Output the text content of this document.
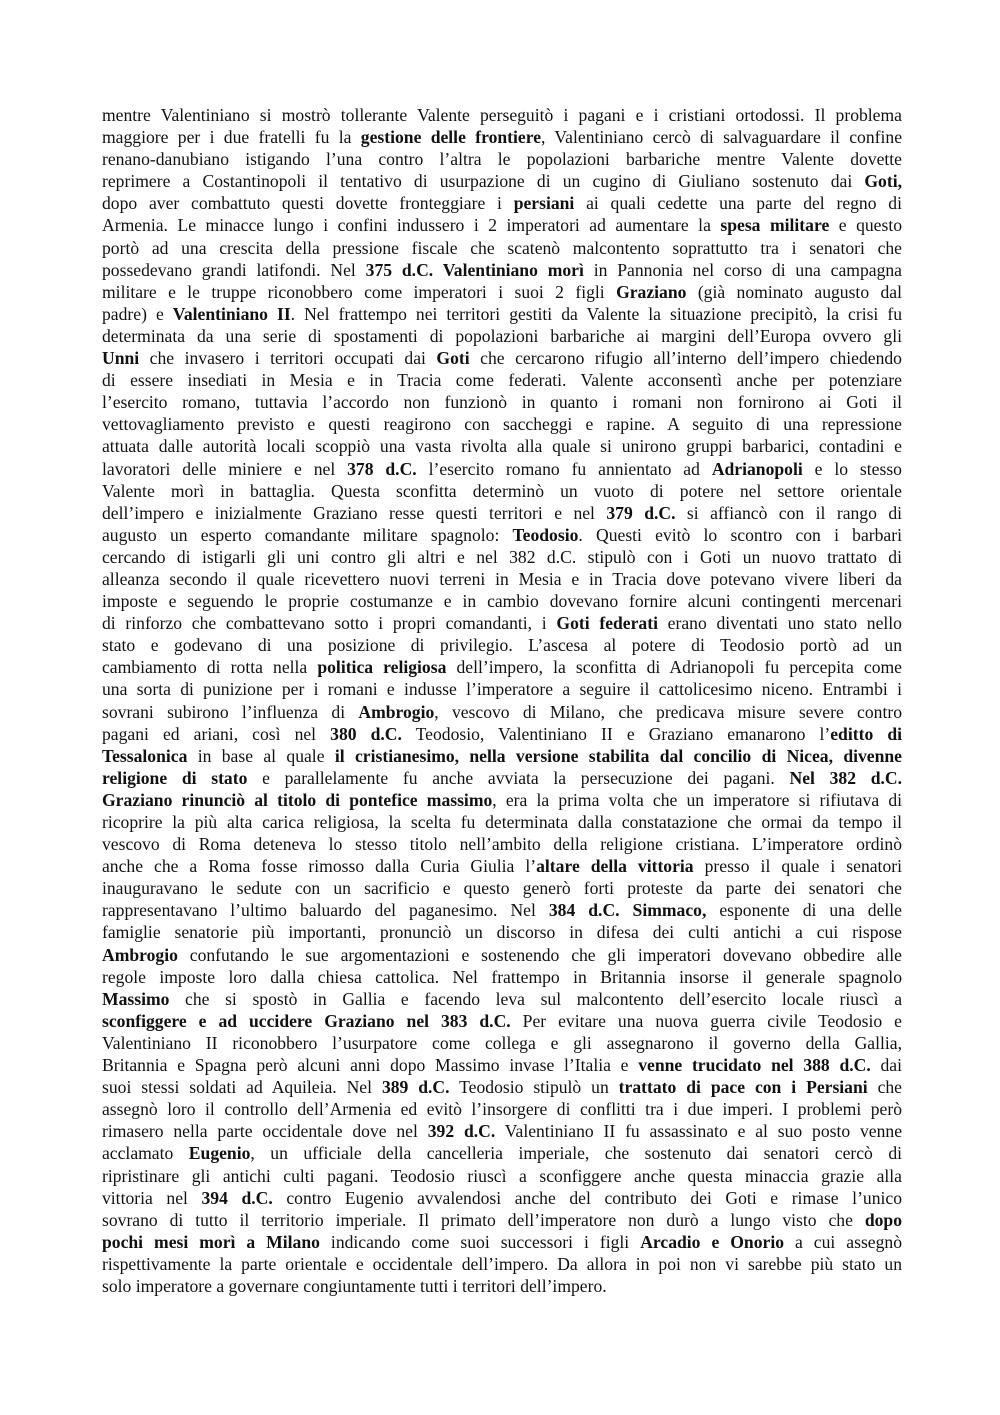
mentre Valentiniano si mostrò tollerante Valente perseguitò i pagani e i cristiani ortodossi. Il problema
maggiore per i due fratelli fu la gestione delle frontiere, Valentiniano cercò di salvaguardare il confine
renano-danubiano istigando l’una contro l’altra le popolazioni barbariche mentre Valente dovette
reprimere a Costantinopoli il tentativo di usurpazione di un cugino di Giuliano sostenuto dai Goti,
dopo aver combattuto questi dovette fronteggiare i persiani ai quali cedette una parte del regno di
Armenia. Le minacce lungo i confini indussero i 2 imperatori ad aumentare la spesa militare e questo
portò ad una crescita della pressione fiscale che scatenò malcontento soprattutto tra i senatori che
possedevano grandi latifondi. Nel 375 d.C. Valentiniano morì in Pannonia nel corso di una campagna
militare e le truppe riconobbero come imperatori i suoi 2 figli Graziano (già nominato augusto dal
padre) e Valentiniano II. Nel frattempo nei territori gestiti da Valente la situazione precipitò, la crisi fu
determinata da una serie di spostamenti di popolazioni barbariche ai margini dell’Europa ovvero gli
Unni che invasero i territori occupati dai Goti che cercarono rifugio all’interno dell’impero chiedendo
di essere insediati in Mesia e in Tracia come federati. Valente acconsentì anche per potenziare
l’esercito romano, tuttavia l’accordo non funzionò in quanto i romani non fornirono ai Goti il
vettovagliamento previsto e questi reagirono con saccheggi e rapine. A seguito di una repressione
attuata dalle autorità locali scoppiò una vasta rivolta alla quale si unirono gruppi barbarici, contadini e
lavoratori delle miniere e nel 378 d.C. l’esercito romano fu annientato ad Adrianopoli e lo stesso
Valente morì in battaglia. Questa sconfitta determinò un vuoto di potere nel settore orientale
dell’impero e inizialmente Graziano resse questi territori e nel 379 d.C. si affiancò con il rango di
augusto un esperto comandante militare spagnolo: Teodosio. Questi evitò lo scontro con i barbari
cercando di istigarli gli uni contro gli altri e nel 382 d.C. stipulò con i Goti un nuovo trattato di
alleanza secondo il quale ricevettero nuovi terreni in Mesia e in Tracia dove potevano vivere liberi da
imposte e seguendo le proprie costumanze e in cambio dovevano fornire alcuni contingenti mercenari
di rinforzo che combattevano sotto i propri comandanti, i Goti federati erano diventati uno stato nello
stato e godevano di una posizione di privilegio. L’ascesa al potere di Teodosio portò ad un
cambiamento di rotta nella politica religiosa dell’impero, la sconfitta di Adrianopoli fu percepita come
una sorta di punizione per i romani e indusse l’imperatore a seguire il cattolicesimo niceno. Entrambi i
sovrani subirono l’influenza di Ambrogio, vescovo di Milano, che predicava misure severe contro
pagani ed ariani, così nel 380 d.C. Teodosio, Valentiniano II e Graziano emanarono l’editto di
Tessalonica in base al quale il cristianesimo, nella versione stabilita dal concilio di Nicea, divenne
religione di stato e parallelamente fu anche avviata la persecuzione dei pagani. Nel 382 d.C.
Graziano rinunciò al titolo di pontefice massimo, era la prima volta che un imperatore si rifiutava di
ricoprire la più alta carica religiosa, la scelta fu determinata dalla constatazione che ormai da tempo il
vescovo di Roma deteneva lo stesso titolo nell’ambito della religione cristiana. L’imperatore ordinò
anche che a Roma fosse rimosso dalla Curia Giulia l’altare della vittoria presso il quale i senatori
inauguravano le sedute con un sacrificio e questo generò forti proteste da parte dei senatori che
rappresentavano l’ultimo baluardo del paganesimo. Nel 384 d.C. Simmaco, esponente di una delle
famiglie senatorie più importanti, pronunciò un discorso in difesa dei culti antichi a cui rispose
Ambrogio confutando le sue argomentazioni e sostenendo che gli imperatori dovevano obbedire alle
regole imposte loro dalla chiesa cattolica. Nel frattempo in Britannia insorse il generale spagnolo
Massimo che si spostò in Gallia e facendo leva sul malcontento dell’esercito locale riuscì a
sconfiggere e ad uccidere Graziano nel 383 d.C. Per evitare una nuova guerra civile Teodosio e
Valentiniano II riconobbero l’usurpatore come collega e gli assegnarono il governo della Gallia,
Britannia e Spagna però alcuni anni dopo Massimo invase l’Italia e venne trucidato nel 388 d.C. dai
suoi stessi soldati ad Aquileia. Nel 389 d.C. Teodosio stipulò un trattato di pace con i Persiani che
assegnò loro il controllo dell’Armenia ed evitò l’insorgere di conflitti tra i due imperi. I problemi però
rimasero nella parte occidentale dove nel 392 d.C. Valentiniano II fu assassinato e al suo posto venne
acclamato Eugenio, un ufficiale della cancelleria imperiale, che sostenuto dai senatori cercò di
ripristinare gli antichi culti pagani. Teodosio riuscì a sconfiggere anche questa minaccia grazie alla
vittoria nel 394 d.C. contro Eugenio avvalendosi anche del contributo dei Goti e rimase l’unico
sovrano di tutto il territorio imperiale. Il primato dell’imperatore non durò a lungo visto che dopo
pochi mesi morì a Milano indicando come suoi successori i figli Arcadio e Onorio a cui assegnò
rispettivamente la parte orientale e occidentale dell’impero. Da allora in poi non vi sarebbe più stato un
solo imperatore a governare congiuntamente tutti i territori dell’impero.
